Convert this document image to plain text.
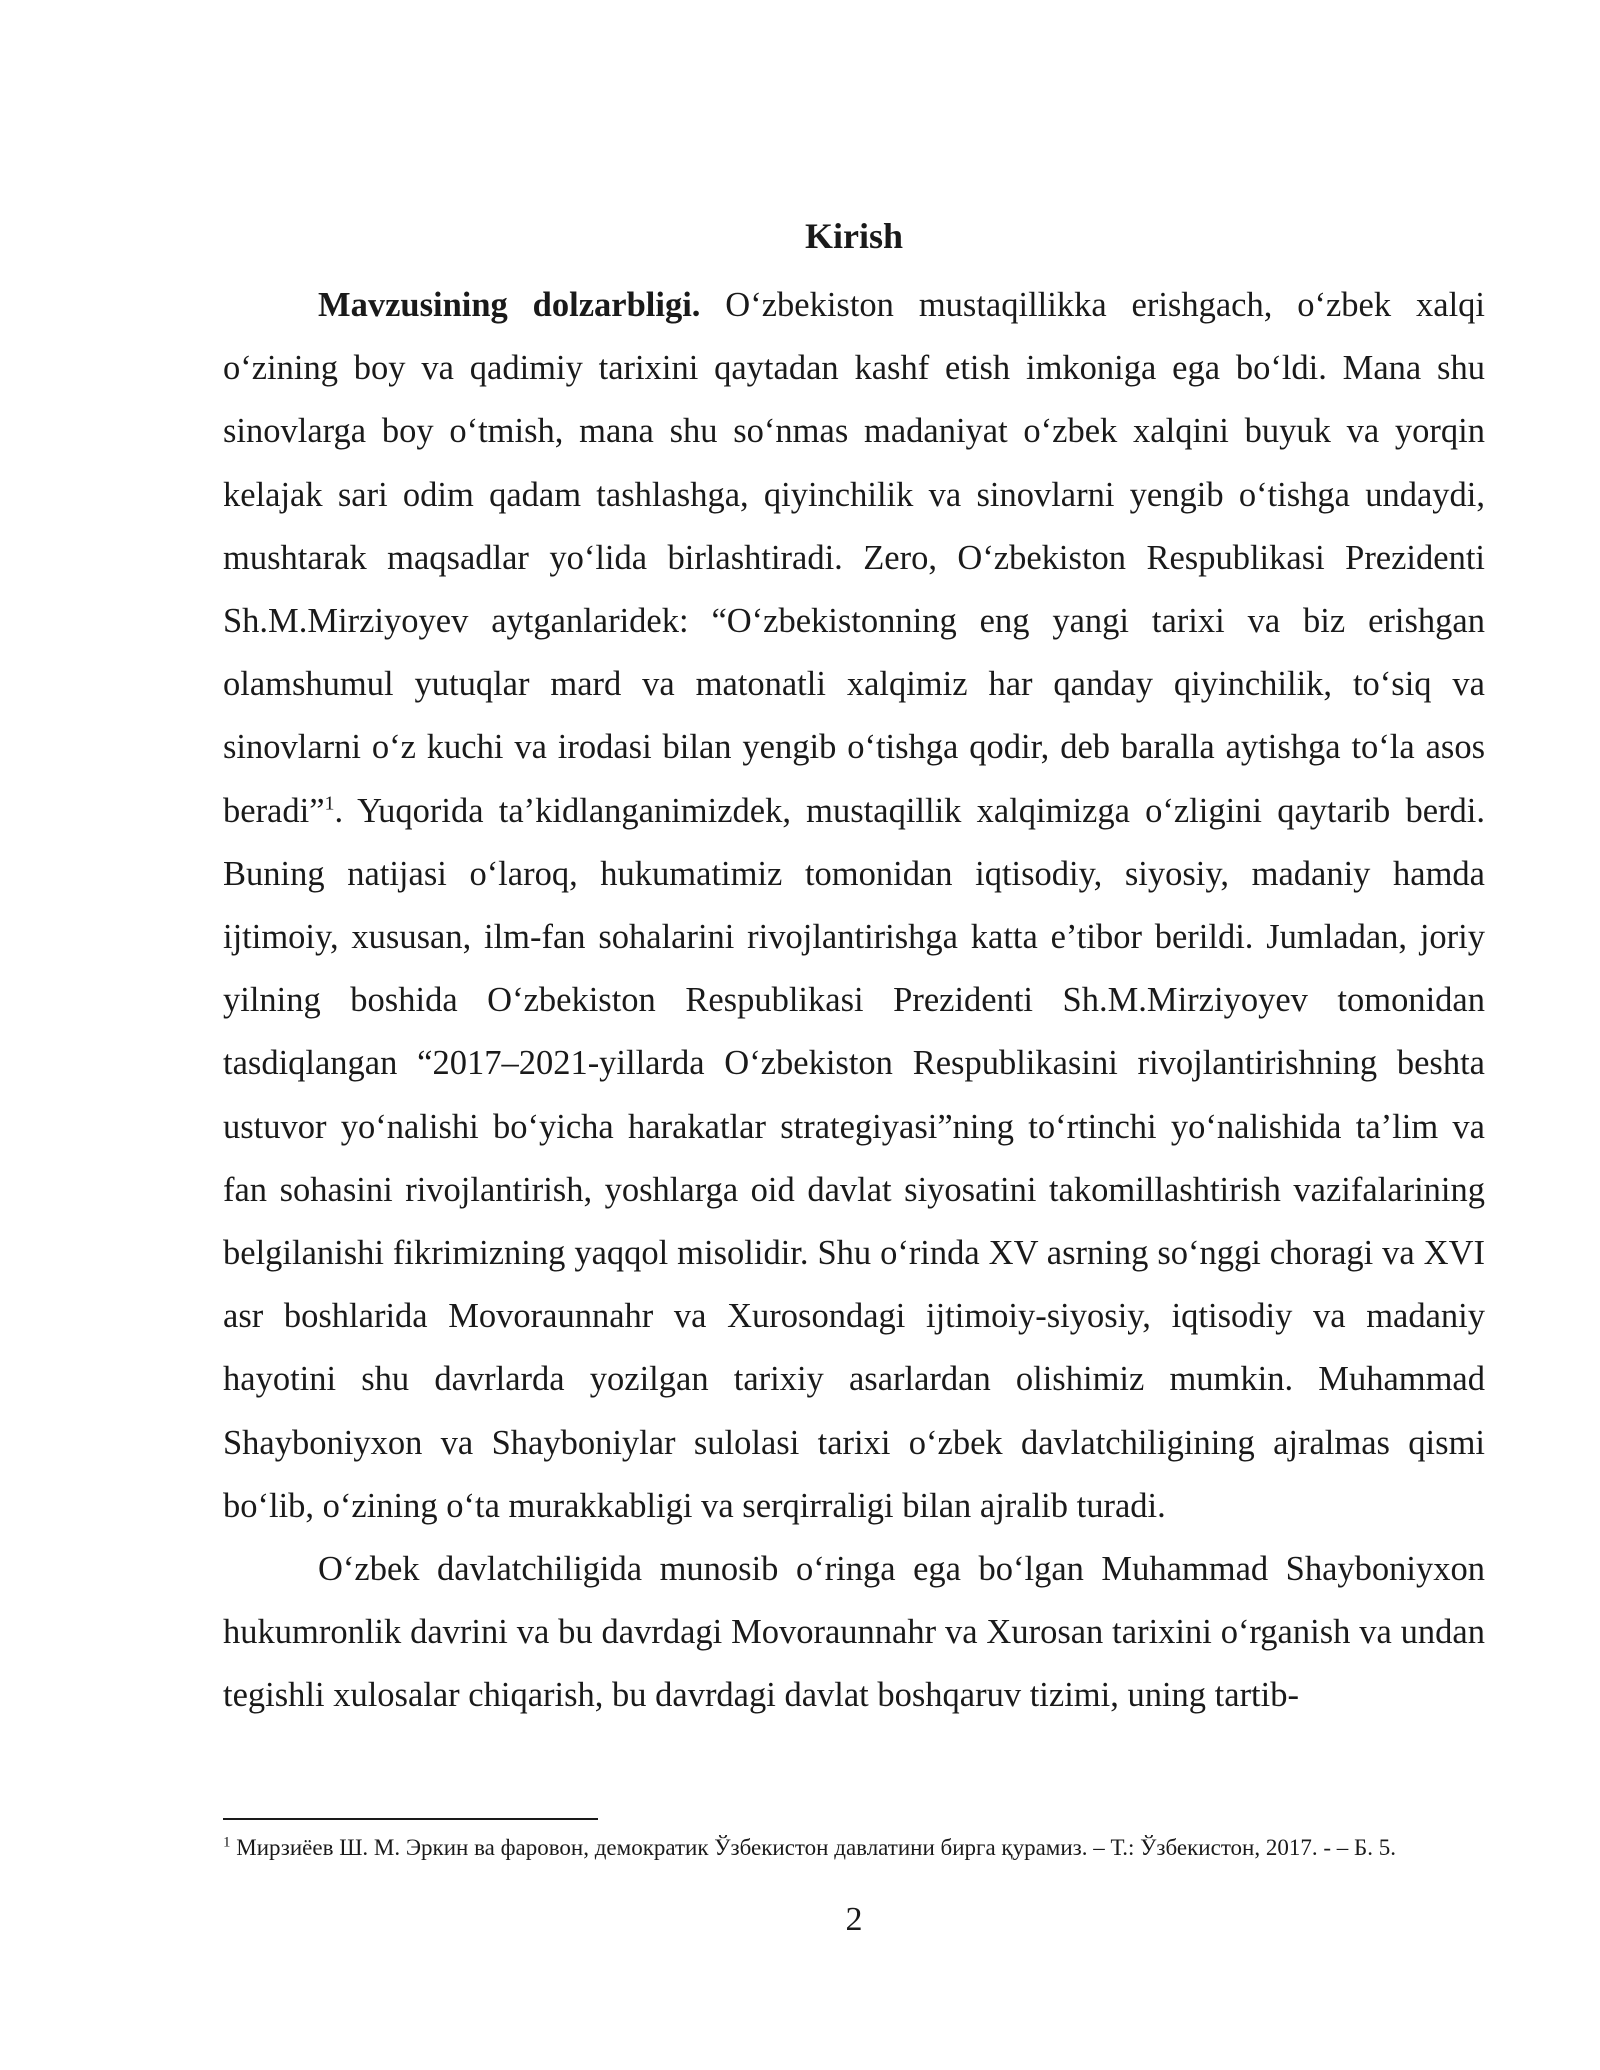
Kirish

Mavzusining dolzarbligi. O‘zbekiston mustaqillikka erishgach, o‘zbek xalqi o‘zining boy va qadimiy tarixini qaytadan kashf etish imkoniga ega bo‘ldi. Mana shu sinovlarga boy o‘tmish, mana shu so‘nmas madaniyat o‘zbek xalqini buyuk va yorqin kelajak sari odim qadam tashlashga, qiyinchilik va sinovlarni yengib o‘tishga undaydi, mushtarak maqsadlar yo‘lida birlashtiradi. Zero, O‘zbekiston Respublikasi Prezidenti Sh.M.Mirziyoyev aytganlaridek: “O‘zbekistonning eng yangi tarixi va biz erishgan olamshumul yutuqlar mard va matonatli xalqimiz har qanday qiyinchilik, to‘siq va sinovlarni o‘z kuchi va irodasi bilan yengib o‘tishga qodir, deb baralla aytishga to‘la asos beradi”$^1$. Yuqorida ta’kidlanganimizdek, mustaqillik xalqimizga o‘zligini qaytarib berdi. Buning natijasi o‘laroq, hukumatimiz tomonidan iqtisodiy, siyosiy, madaniy hamda ijtimoiy, xususan, ilm-fan sohalarini rivojlantirishga katta e’tibor berildi. Jumladan, joriy yilning boshida O‘zbekiston Respublikasi Prezidenti Sh.M.Mirziyoyev tomonidan tasdiqlangan “2017–2021-yillarda O‘zbekiston Respublikasini rivojlantirishning beshta ustuvor yo‘nalishi bo‘yicha harakatlar strategiyasi”ning to‘rtinchi yo‘nalishida ta’lim va fan sohasini rivojlantirish, yoshlarga oid davlat siyosatini takomillashtirish vazifalarining belgilanishi fikrimizning yaqqol misolidir. Shu o‘rinda XV asrning so‘nggi choragi va XVI asr boshlarida Movoraunnahr va Xurosondagi ijtimoiy-siyosiy, iqtisodiy va madaniy hayotini shu davrlarda yozilgan tarixiy asarlardan olishimiz mumkin. Muhammad Shayboniyxon va Shayboniylar sulolasi tarixi o‘zbek davlatchiligining ajralmas qismi bo‘lib, o‘zining o‘ta murakkabligi va serqirraligi bilan ajralib turadi.

O‘zbek davlatchiligida munosib o‘ringa ega bo‘lgan Muhammad Shayboniyxon hukumronlik davrini va bu davrdagi Movoraunnahr va Xurosan tarixini o‘rganish va undan tegishli xulosalar chiqarish, bu davrdagi davlat boshqaruv tizimi, uning tartib-

$^1$ Мирзиёев Ш. М. Эркин ва фаровон, демократик Ўзбекистон давлатини бирга қурамиз. – Т.: Ўзбекистон, 2017. - – Б. 5.

2
